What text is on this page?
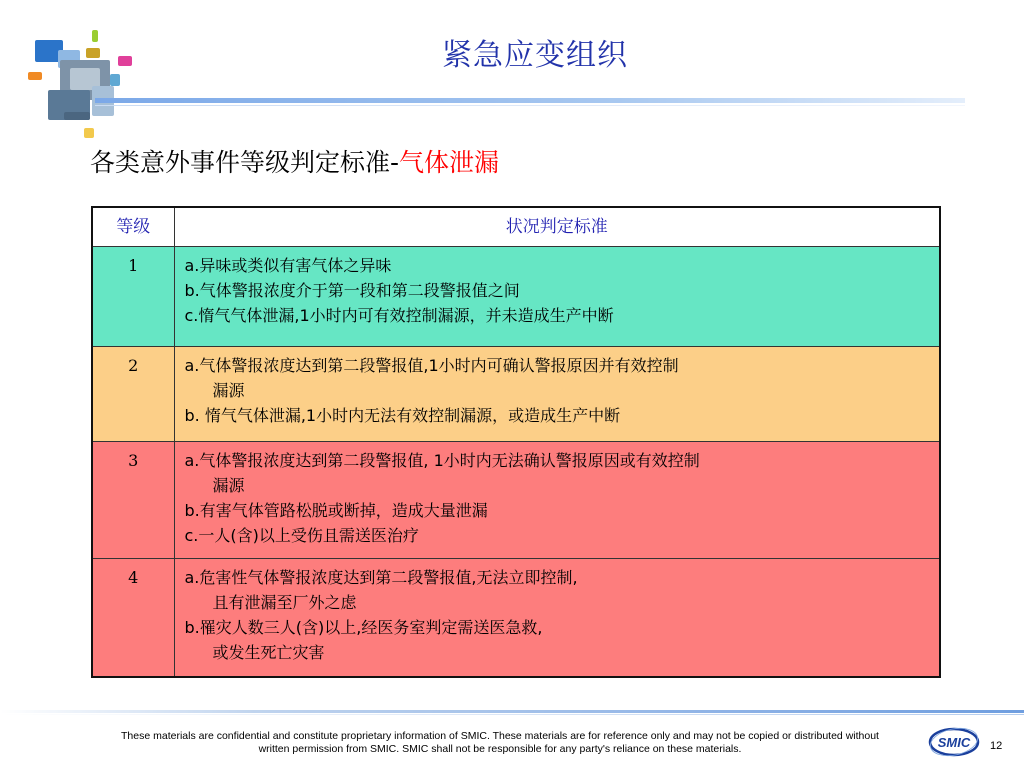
紧急应变组织
各类意外事件等级判定标准-气体泄漏
等级	状况判定标准
1	a.异味或类似有害气体之异味
b.气体警报浓度介于第一段和第二段警报值之间
c.惰气气体泄漏,1小时内可有效控制漏源，并未造成生产中断

2	a.气体警报浓度达到第二段警报值,1小时内可确认警报原因并有效控制
漏源
b. 惰气气体泄漏,1小时内无法有效控制漏源，或造成生产中断

3	a.气体警报浓度达到第二段警报值, 1小时内无法确认警报原因或有效控制
漏源
b.有害气体管路松脱或断掉，造成大量泄漏
c.一人(含)以上受伤且需送医治疗

4	a.危害性气体警报浓度达到第二段警报值,无法立即控制,
且有泄漏至厂外之虑
b.罹灾人数三人(含)以上,经医务室判定需送医急救,
或发生死亡灾害
These materials are confidential and constitute proprietary information of SMIC. These materials are for reference only and may not be copied or distributed without
written permission from SMIC. SMIC shall not be responsible for any party's reliance on these materials.	SMIC 12
